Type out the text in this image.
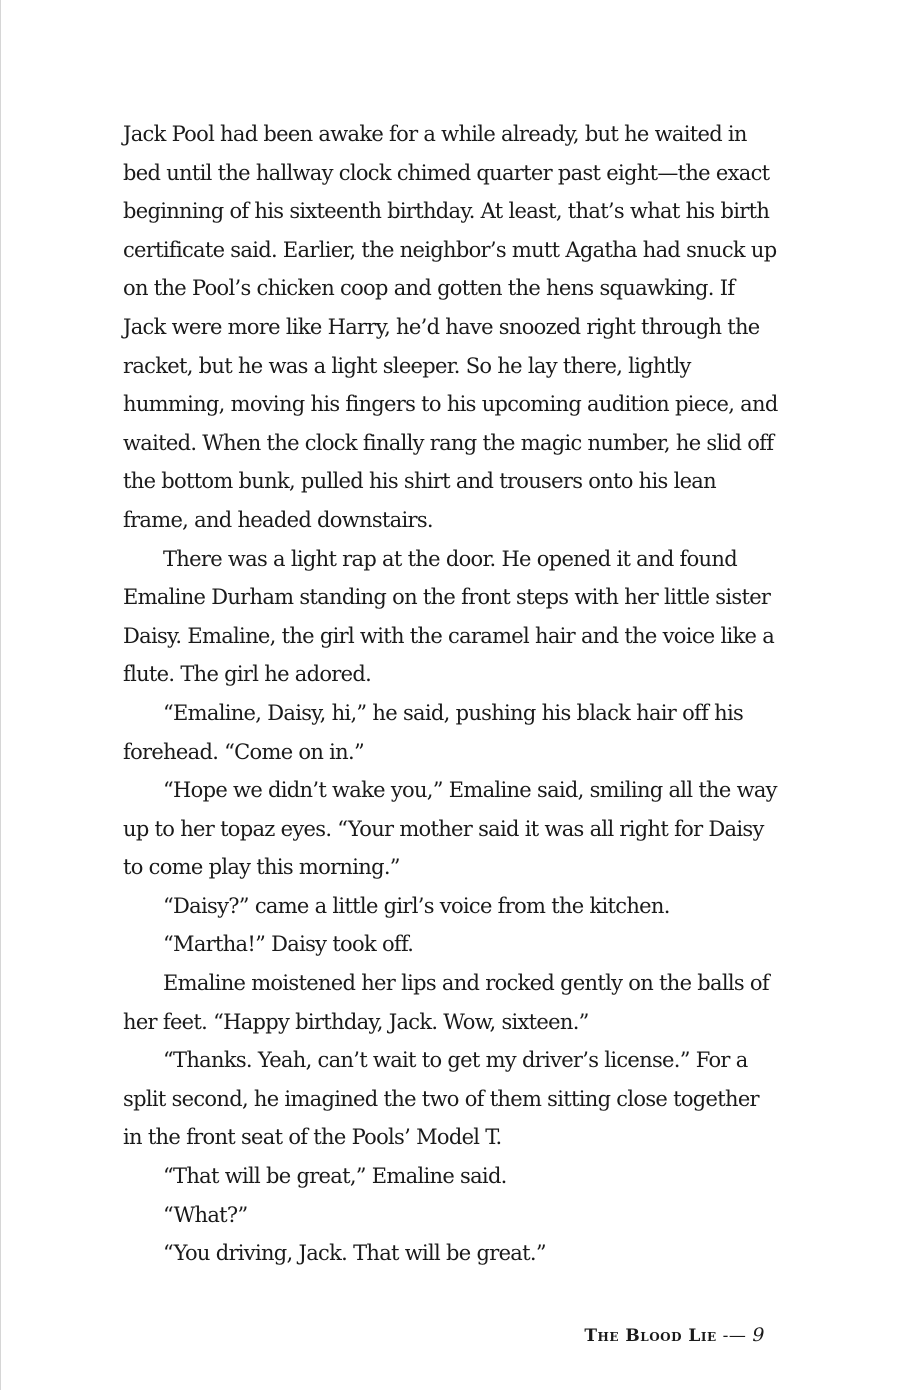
Jack Pool had been awake for a while already, but he waited in bed until the hallway clock chimed quarter past eight—the exact beginning of his sixteenth birthday. At least, that’s what his birth certificate said. Earlier, the neighbor’s mutt Agatha had snuck up on the Pool’s chicken coop and gotten the hens squawking. If Jack were more like Harry, he’d have snoozed right through the racket, but he was a light sleeper. So he lay there, lightly humming, moving his fingers to his upcoming audition piece, and waited. When the clock finally rang the magic number, he slid off the bottom bunk, pulled his shirt and trousers onto his lean frame, and headed downstairs.

There was a light rap at the door. He opened it and found Emaline Durham standing on the front steps with her little sister Daisy. Emaline, the girl with the caramel hair and the voice like a flute. The girl he adored.

“Emaline, Daisy, hi,” he said, pushing his black hair off his forehead. “Come on in.”

“Hope we didn’t wake you,” Emaline said, smiling all the way up to her topaz eyes. “Your mother said it was all right for Daisy to come play this morning.”

“Daisy?” came a little girl’s voice from the kitchen.

“Martha!” Daisy took off.

Emaline moistened her lips and rocked gently on the balls of her feet. “Happy birthday, Jack. Wow, sixteen.”

“Thanks. Yeah, can’t wait to get my driver’s license.” For a split second, he imagined the two of them sitting close together in the front seat of the Pools’ Model T.

“That will be great,” Emaline said.

“What?”

“You driving, Jack. That will be great.”

The Blood Lie -— 9
